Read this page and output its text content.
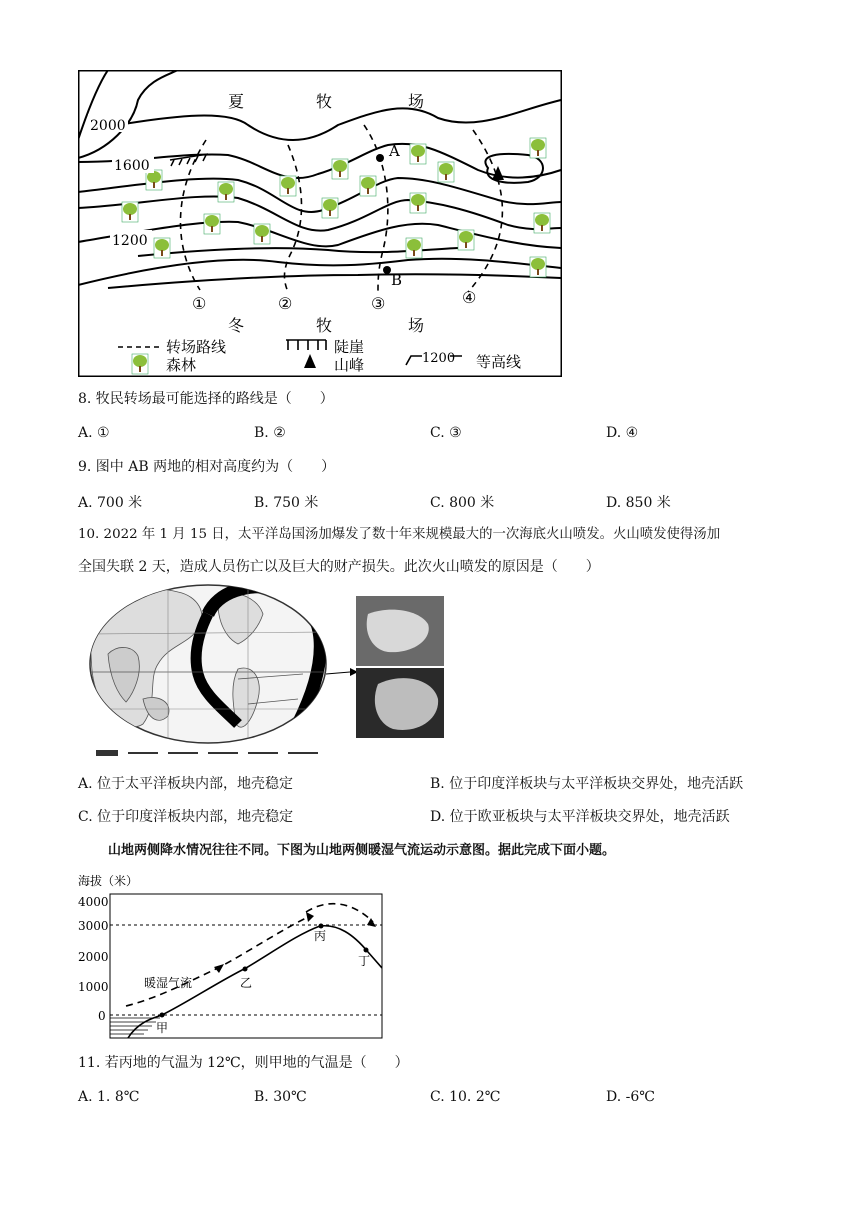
A
B
2000
1600
1200
夏	牧	场
冬	牧	场
①	②	③	④
转场路线	陡崖
森林	山峰	1200 等高线
8. 牧民转场最可能选择的路线是（　　）
A. ①	B. ②	C. ③	D. ④
9. 图中 AB 两地的相对高度约为（　　）
A. 700 米	B. 750 米	C. 800 米	D. 850 米
10. 2022 年 1 月 15 日，太平洋岛国汤加爆发了数十年来规模最大的一次海底火山喷发。火山喷发使得汤加
全国失联 2 天，造成人员伤亡以及巨大的财产损失。此次火山喷发的原因是（　　）
A. 位于太平洋板块内部，地壳稳定	B. 位于印度洋板块与太平洋板块交界处，地壳活跃
C. 位于印度洋板块内部，地壳稳定	D. 位于欧亚板块与太平洋板块交界处，地壳活跃
山地两侧降水情况往往不同。下图为山地两侧暖湿气流运动示意图。据此完成下面小题。
海拔（米）
4000
3000
2000
1000
0
甲
乙
丙
丁
暖湿气流
11. 若丙地的气温为 12℃，则甲地的气温是（　　）
A. 1. 8℃	B. 30℃	C. 10. 2℃	D. -6℃
